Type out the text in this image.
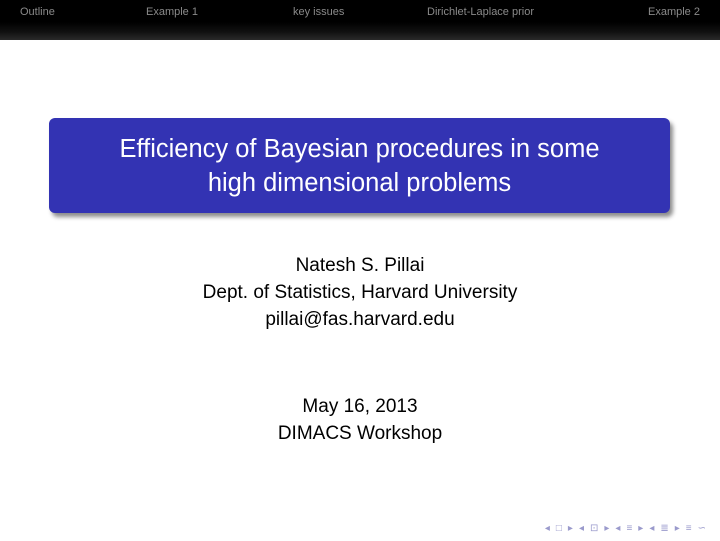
Outline	Example 1	key issues	Dirichlet-Laplace prior	Example 2
Efficiency of Bayesian procedures in some
high dimensional problems
Natesh S. Pillai
Dept. of Statistics, Harvard University
pillai@fas.harvard.edu
May 16, 2013
DIMACS Workshop
◂ □ ▸ ◂ ⊡ ▸ ◂ ≡ ▸ ◂ ≣ ▸ ≡ ∽
